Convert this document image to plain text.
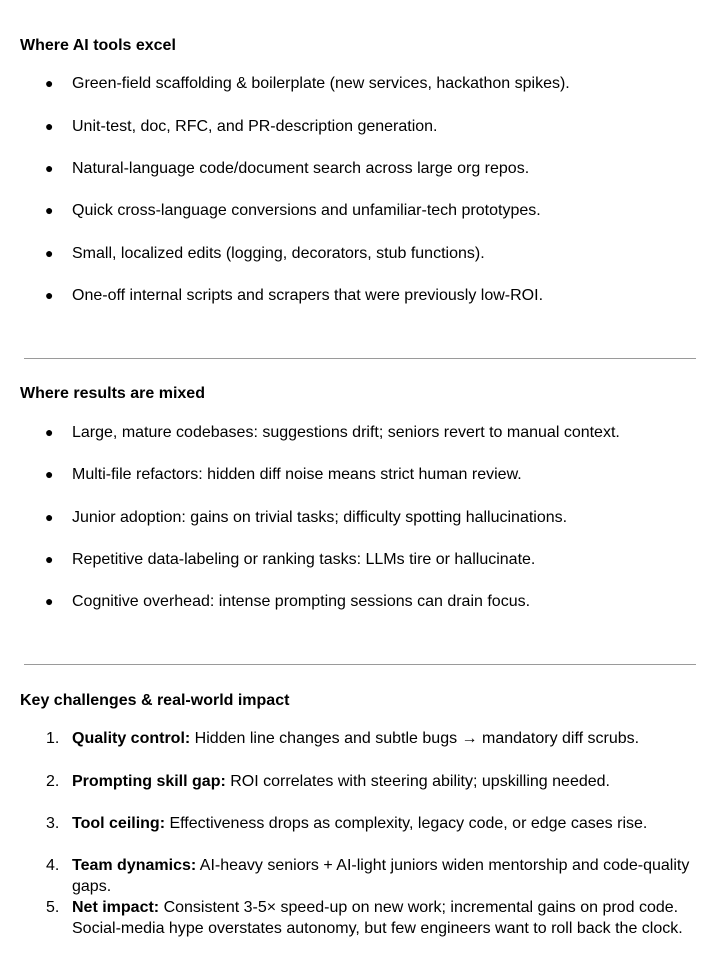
Where AI tools excel
● Green-field scaffolding & boilerplate (new services, hackathon spikes).
● Unit-test, doc, RFC, and PR-description generation.
● Natural-language code/document search across large org repos.
● Quick cross-language conversions and unfamiliar-tech prototypes.
● Small, localized edits (logging, decorators, stub functions).
● One-off internal scripts and scrapers that were previously low-ROI.
Where results are mixed
● Large, mature codebases: suggestions drift; seniors revert to manual context.
● Multi-file refactors: hidden diff noise means strict human review.
● Junior adoption: gains on trivial tasks; difficulty spotting hallucinations.
● Repetitive data-labeling or ranking tasks: LLMs tire or hallucinate.
● Cognitive overhead: intense prompting sessions can drain focus.
Key challenges & real-world impact
1. Quality control: Hidden line changes and subtle bugs → mandatory diff scrubs.
2. Prompting skill gap: ROI correlates with steering ability; upskilling needed.
3. Tool ceiling: Effectiveness drops as complexity, legacy code, or edge cases rise.
4. Team dynamics: AI-heavy seniors + AI-light juniors widen mentorship and code-quality gaps.
5. Net impact: Consistent 3-5× speed-up on new work; incremental gains on prod code. Social-media hype overstates autonomy, but few engineers want to roll back the clock.
